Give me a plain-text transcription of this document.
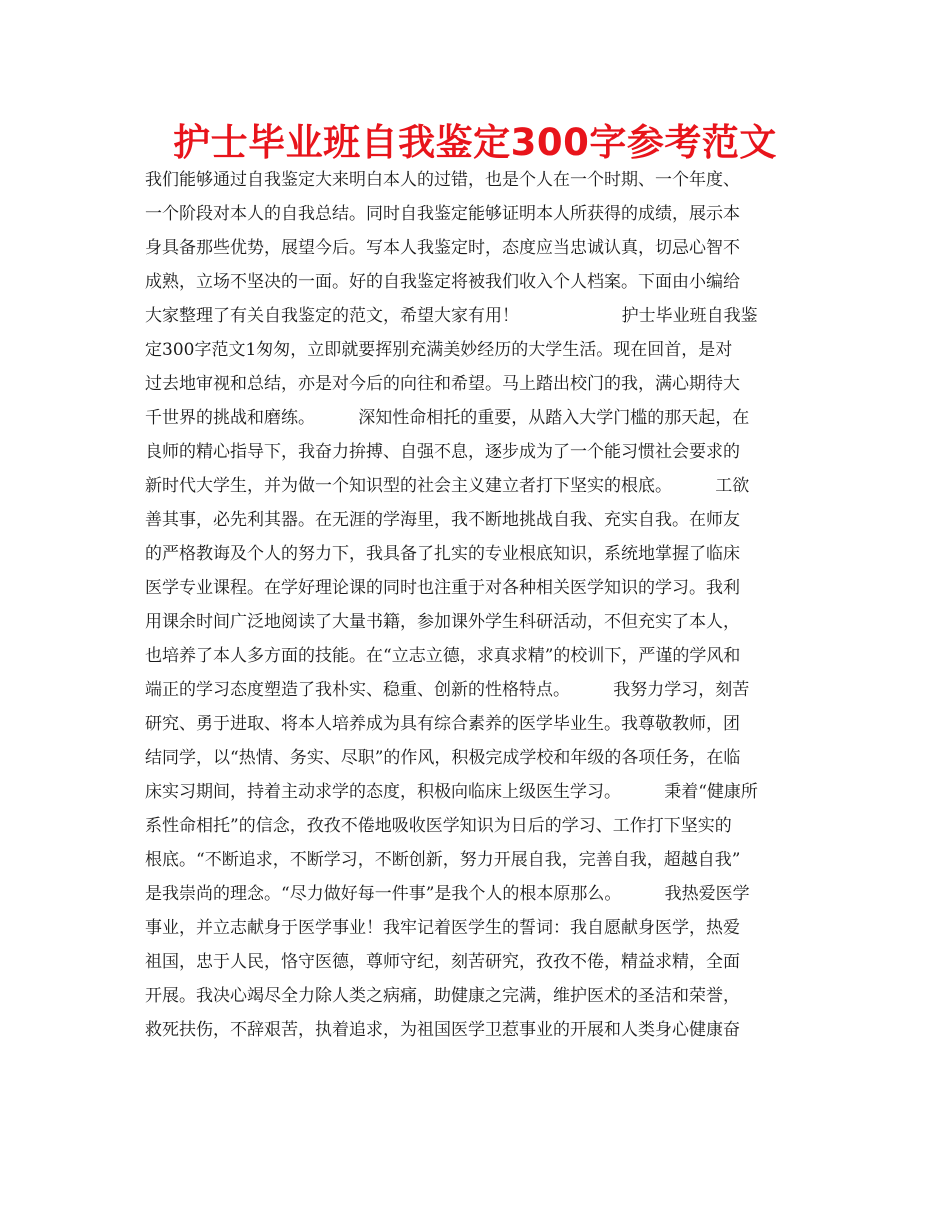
护士毕业班自我鉴定300字参考范文
我们能够通过自我鉴定大来明白本人的过错，也是个人在一个时期、一个年度、
一个阶段对本人的自我总结。同时自我鉴定能够证明本人所获得的成绩，展示本
身具备那些优势，展望今后。写本人我鉴定时，态度应当忠诚认真，切忌心智不
成熟，立场不坚决的一面。好的自我鉴定将被我们收入个人档案。下面由小编给
大家整理了有关自我鉴定的范文，希望大家有用！                   护士毕业班自我鉴
定300字范文1匆匆，立即就要挥别充满美妙经历的大学生活。现在回首，是对
过去地审视和总结，亦是对今后的向往和希望。马上踏出校门的我，满心期待大
千世界的挑战和磨练。        深知性命相托的重要，从踏入大学门槛的那天起，在
良师的精心指导下，我奋力拚搏、自强不息，逐步成为了一个能习惯社会要求的
新时代大学生，并为做一个知识型的社会主义建立者打下坚实的根底。        工欲
善其事，必先利其器。在无涯的学海里，我不断地挑战自我、充实自我。在师友
的严格教诲及个人的努力下，我具备了扎实的专业根底知识，系统地掌握了临床
医学专业课程。在学好理论课的同时也注重于对各种相关医学知识的学习。我利
用课余时间广泛地阅读了大量书籍，参加课外学生科研活动，不但充实了本人，
也培养了本人多方面的技能。在“立志立德，求真求精”的校训下，严谨的学风和
端正的学习态度塑造了我朴实、稳重、创新的性格特点。        我努力学习，刻苦
研究、勇于进取、将本人培养成为具有综合素养的医学毕业生。我尊敬教师，团
结同学，以“热情、务实、尽职”的作风，积极完成学校和年级的各项任务，在临
床实习期间，持着主动求学的态度，积极向临床上级医生学习。        秉着“健康所
系性命相托”的信念，孜孜不倦地吸收医学知识为日后的学习、工作打下坚实的
根底。“不断追求，不断学习，不断创新，努力开展自我，完善自我，超越自我”
是我崇尚的理念。“尽力做好每一件事”是我个人的根本原那么。        我热爱医学
事业，并立志献身于医学事业！我牢记着医学生的誓词：我自愿献身医学，热爱
祖国，忠于人民，恪守医德，尊师守纪，刻苦研究，孜孜不倦，精益求精，全面
开展。我决心竭尽全力除人类之病痛，助健康之完满，维护医术的圣洁和荣誉，
救死扶伤，不辞艰苦，执着追求，为祖国医学卫惹事业的开展和人类身心健康奋
